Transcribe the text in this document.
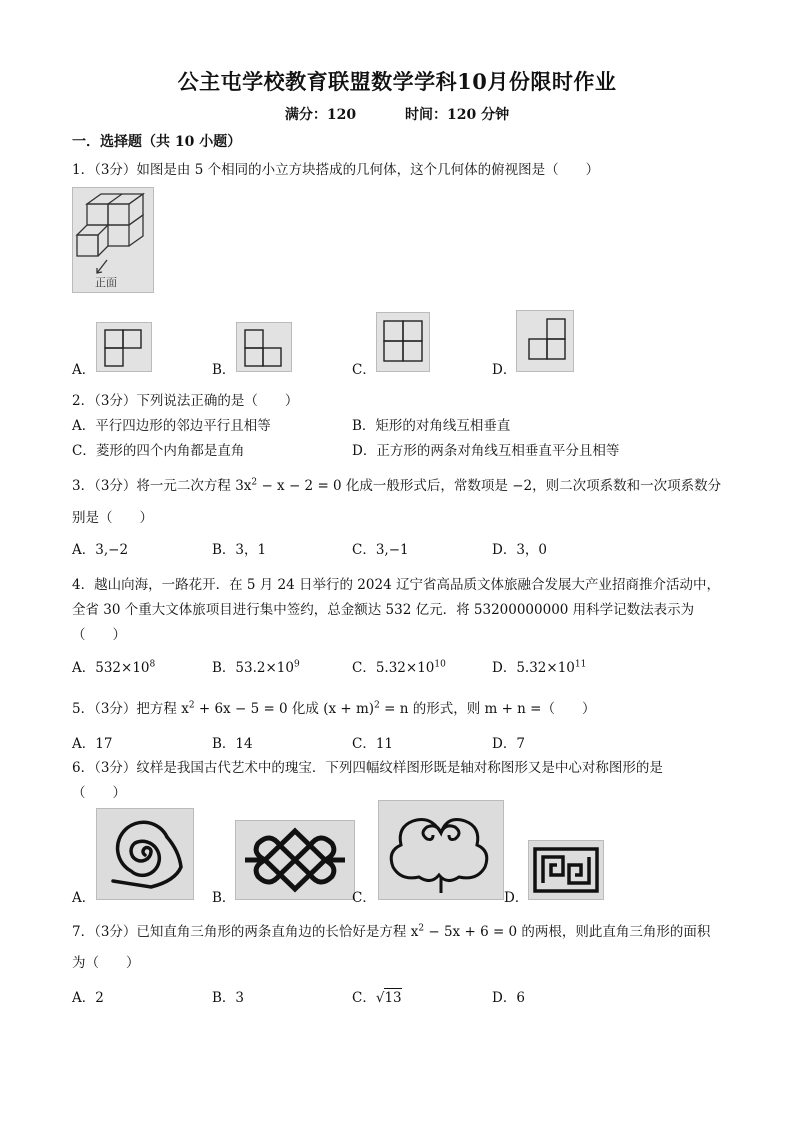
公主屯学校教育联盟数学学科10月份限时作业
满分：120	时间：120 分钟
一．选择题（共 10 小题）
1．（3分）如图是由 5 个相同的小立方块搭成的几何体，这个几何体的俯视图是（　　）
正面
A．	B．	C．	D．
2．（3分）下列说法正确的是（　　）
A．平行四边形的邻边平行且相等	B．矩形的对角线互相垂直
C．菱形的四个内角都是直角	D．正方形的两条对角线互相垂直平分且相等
3．（3分）将一元二次方程 $3x^2 - x - 2 = 0$ 化成一般形式后，常数项是 −2，则二次项系数和一次项系数分
别是（　　）
A．3,−2	B．3，1	C．3,−1	D．3，0
4．越山向海，一路花开．在 5 月 24 日举行的 2024 辽宁省高品质文体旅融合发展大产业招商推介活动中，
全省 30 个重大文体旅项目进行集中签约，总金额达 532 亿元．将 53200000000 用科学记数法表示为
（　　）
A．$532\times 10^8$	B．$53.2\times 10^9$	C．$5.32\times 10^{10}$	D．$5.32\times 10^{11}$
5．（3分）把方程 $x^2 + 6x - 5 = 0$ 化成 $(x + m)^2 = n$ 的形式，则 m + n =（　　）
A．17	B．14	C．11	D．7
6．（3分）纹样是我国古代艺术中的瑰宝．下列四幅纹样图形既是轴对称图形又是中心对称图形的是
（　　）
A．	B．	C．	D．
7．（3分）已知直角三角形的两条直角边的长恰好是方程 $x^2 - 5x + 6 = 0$ 的两根，则此直角三角形的面积
为（　　）
A．2	B．3	C．√13	D．6
